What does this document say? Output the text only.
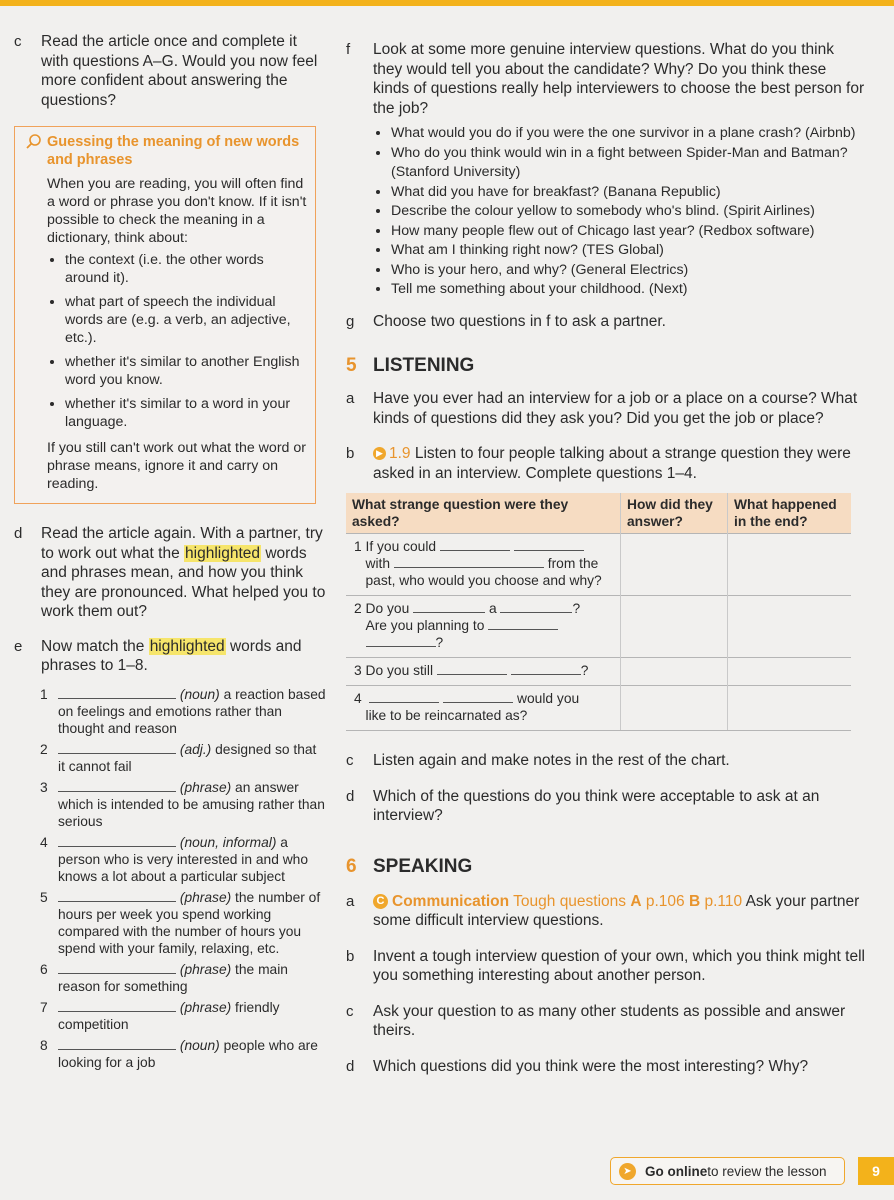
c	Read the article once and complete it with questions A–G. Would you now feel more confident about answering the questions?
Guessing the meaning of new words and phrases

When you are reading, you will often find a word or phrase you don't know. If it isn't possible to check the meaning in a dictionary, think about:

• the context (i.e. the other words around it).
• what part of speech the individual words are (e.g. a verb, an adjective, etc.).
• whether it's similar to another English word you know.
• whether it's similar to a word in your language.

If you still can't work out what the word or phrase means, ignore it and carry on reading.

d	Read the article again. With a partner, try to work out what the highlighted words and phrases mean, and how you think they are pronounced. What helped you to work them out?
e	Now match the highlighted words and phrases to 1–8.
1	(noun) a reaction based on feelings and emotions rather than thought and reason
2	(adj.) designed so that it cannot fail
3	(phrase) an answer which is intended to be amusing rather than serious
4	(noun, informal) a person who is very interested in and who knows a lot about a particular subject
5	(phrase) the number of hours per week you spend working compared with the number of hours you spend with your family, relaxing, etc.
6	(phrase) the main reason for something
7	(phrase) friendly competition
8	(noun) people who are looking for a job
f	Look at some more genuine interview questions. What do you think they would tell you about the candidate? Why? Do you think these kinds of questions really help interviewers to choose the best person for the job?
• What would you do if you were the one survivor in a plane crash? (Airbnb)
• Who do you think would win in a fight between Spider-Man and Batman? (Stanford University)
• What did you have for breakfast? (Banana Republic)
• Describe the colour yellow to somebody who's blind. (Spirit Airlines)
• How many people flew out of Chicago last year? (Redbox software)
• What am I thinking right now? (TES Global)
• Who is your hero, and why? (General Electrics)
• Tell me something about your childhood. (Next)
g	Choose two questions in f to ask a partner.
5 LISTENING
a	Have you ever had an interview for a job or a place on a course? What kinds of questions did they ask you? Did you get the job or place?
b	▶ 1.9 Listen to four people talking about a strange question they were asked in an interview. Complete questions 1–4.
What strange question were they asked?	How did they answer?	What happened in the end?
1 If you could
with from the
past, who would you choose and why?		
2 Do you a ?
Are you planning to
?		
3 Do you still ?		
4 would you
like to be reincarnated as?		
c	Listen again and make notes in the rest of the chart.
d	Which of the questions do you think were acceptable to ask at an interview?
6 SPEAKING
a	C Communication Tough questions A p.106 B p.110 Ask your partner some difficult interview questions.
b	Invent a tough interview question of your own, which you think might tell you something interesting about another person.
c	Ask your question to as many other students as possible and answer theirs.
d	Which questions did you think were the most interesting? Why?
➤ Go online to review the lesson	9
